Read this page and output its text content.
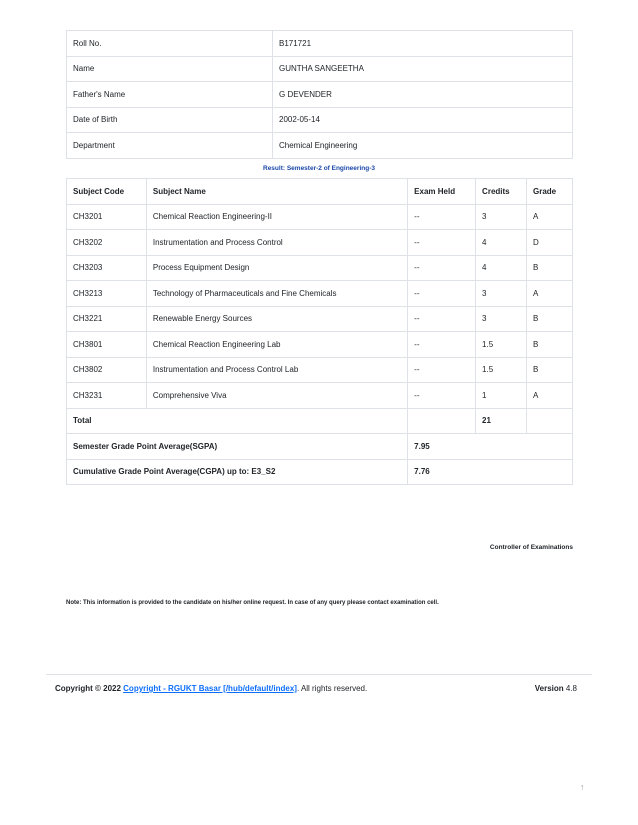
Roll No.	B171721
Name	GUNTHA SANGEETHA
Father's Name	G DEVENDER
Date of Birth	2002-05-14
Department	Chemical Engineering
Result: Semester-2 of Engineering-3
Subject Code	Subject Name	Exam Held	Credits	Grade
CH3201	Chemical Reaction Engineering-II	--	3	A
CH3202	Instrumentation and Process Control	--	4	D
CH3203	Process Equipment Design	--	4	B
CH3213	Technology of Pharmaceuticals and Fine Chemicals	--	3	A
CH3221	Renewable Energy Sources	--	3	B
CH3801	Chemical Reaction Engineering Lab	--	1.5	B
CH3802	Instrumentation and Process Control Lab	--	1.5	B
CH3231	Comprehensive Viva	--	1	A
Total			21	
Semester Grade Point Average(SGPA)		7.95		
Cumulative Grade Point Average(CGPA) up to: E3_S2		7.76		
Controller of Examinations
Note: This information is provided to the candidate on his/her online request. In case of any query please contact examination cell.
Copyright © 2022 Copyright - RGUKT Basar [/hub/default/index]. All rights reserved.	Version 4.8
↑
